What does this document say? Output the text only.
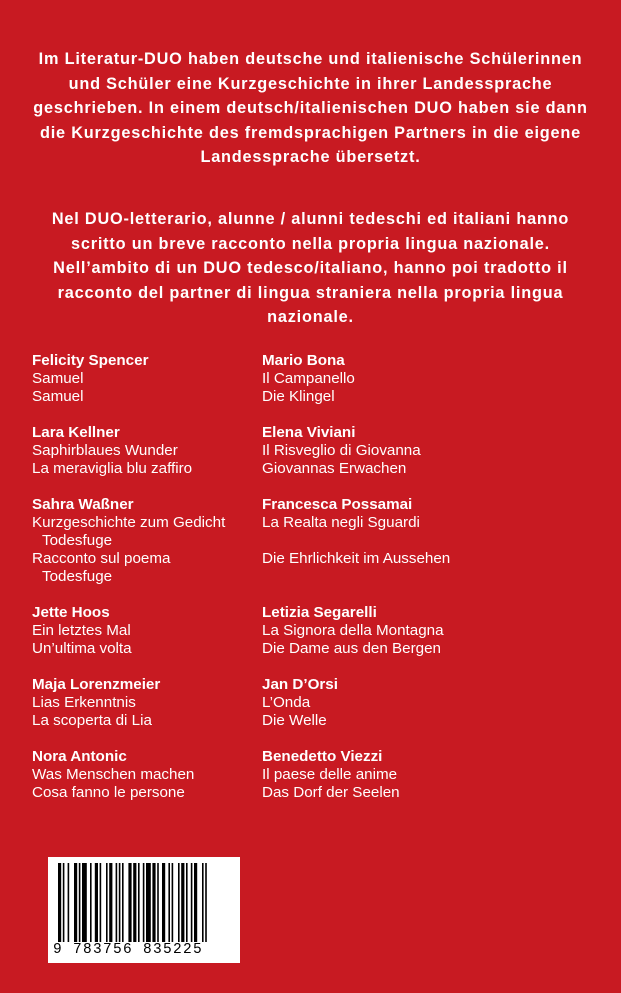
Im Literatur-DUO haben deutsche und italienische Schülerinnen und Schüler eine Kurzgeschichte in ihrer Landessprache geschrieben. In einem deutsch/italienischen DUO haben sie dann die Kurzgeschichte des fremdsprachigen Partners in die eigene Landessprache übersetzt.

Nel DUO-letterario, alunne / alunni tedeschi ed italiani hanno scritto un breve racconto nella propria lingua nazionale. Nell’ambito di un DUO tedesco/italiano, hanno poi tradotto il racconto del partner di lingua straniera nella propria lingua nazionale.

Felicity Spencer
Samuel
Samuel
Lara Kellner
Saphirblaues Wunder
La meraviglia blu zaffiro
Sahra Waßner
Kurzgeschichte zum Gedicht
Todesfuge
Racconto sul poema
Todesfuge
Jette Hoos
Ein letztes Mal
Un’ultima volta
Maja Lorenzmeier
Lias Erkenntnis
La scoperta di Lia
Nora Antonic
Was Menschen machen
Cosa fanno le persone
Mario Bona
Il Campanello
Die Klingel
Elena Viviani
Il Risveglio di Giovanna
Giovannas Erwachen
Francesca Possamai
La Realta negli Sguardi
Die Ehrlichkeit im Aussehen
Letizia Segarelli
La Signora della Montagna
Die Dame aus den Bergen
Jan D’Orsi
L’Onda
Die Welle
Benedetto Viezzi
Il paese delle anime
Das Dorf der Seelen
9 783756 835225
